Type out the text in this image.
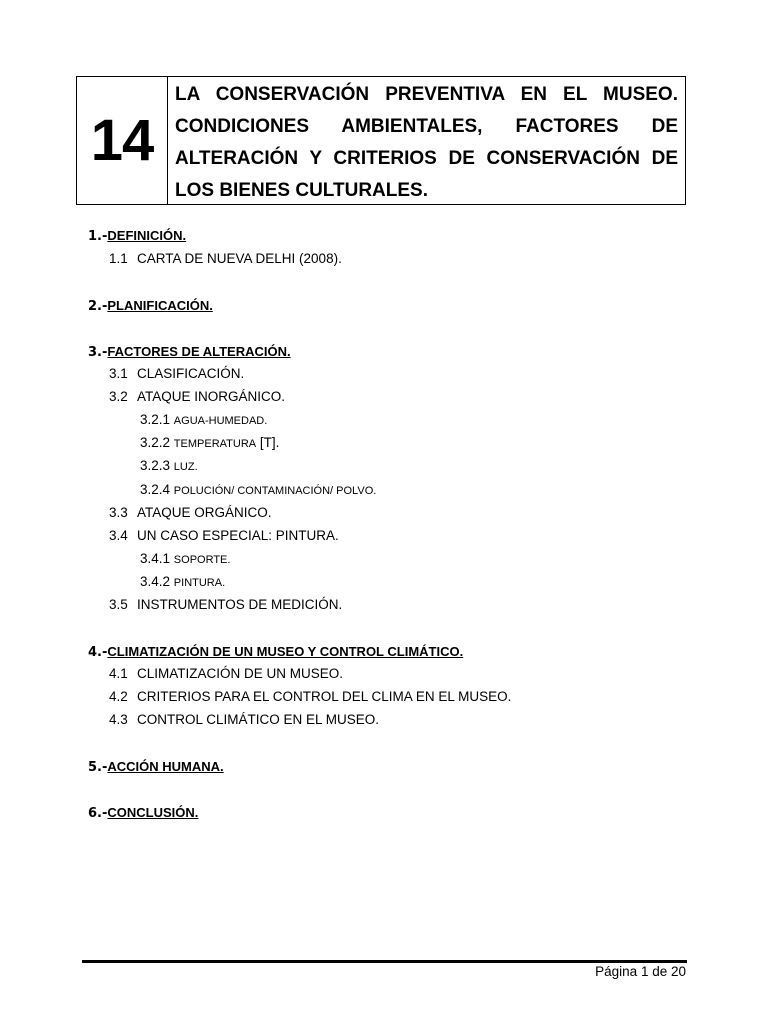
14
LA CONSERVACIÓN PREVENTIVA EN EL MUSEO. CONDICIONES AMBIENTALES, FACTORES DE ALTERACIÓN Y CRITERIOS DE CONSERVACIÓN DE LOS BIENES CULTURALES.
1.-DEFINICIÓN.
1.1 CARTA DE NUEVA DELHI (2008).
2.-PLANIFICACIÓN.
3.-FACTORES DE ALTERACIÓN.
3.1 CLASIFICACIÓN.
3.2 ATAQUE INORGÁNICO.
3.2.1 AGUA-HUMEDAD.
3.2.2 TEMPERATURA [T].
3.2.3 LUZ.
3.2.4 POLUCIÓN/ CONTAMINACIÓN/ POLVO.
3.3 ATAQUE ORGÁNICO.
3.4 UN CASO ESPECIAL: PINTURA.
3.4.1 SOPORTE.
3.4.2 PINTURA.
3.5 INSTRUMENTOS DE MEDICIÓN.
4.-CLIMATIZACIÓN DE UN MUSEO Y CONTROL CLIMÁTICO.
4.1 CLIMATIZACIÓN DE UN MUSEO.
4.2 CRITERIOS PARA EL CONTROL DEL CLIMA EN EL MUSEO.
4.3 CONTROL CLIMÁTICO EN EL MUSEO.
5.-ACCIÓN HUMANA.
6.-CONCLUSIÓN.
Página 1 de 20
